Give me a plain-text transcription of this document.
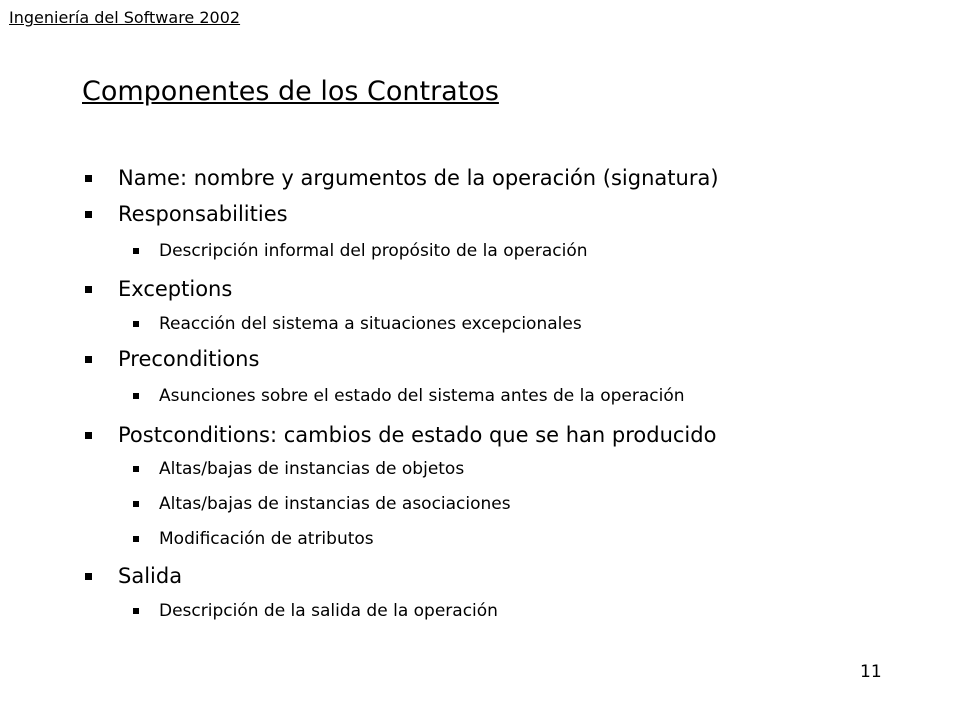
Ingeniería del Software 2002
Componentes de los Contratos
Name: nombre y argumentos de la operación (signatura)
Responsabilities
Descripción informal del propósito de la operación
Exceptions
Reacción del sistema a situaciones excepcionales
Preconditions
Asunciones sobre el estado del sistema antes de la operación
Postconditions: cambios de estado que se han producido
Altas/bajas de instancias de objetos
Altas/bajas de instancias de asociaciones
Modificación de atributos
Salida
Descripción de la salida de la operación
11
